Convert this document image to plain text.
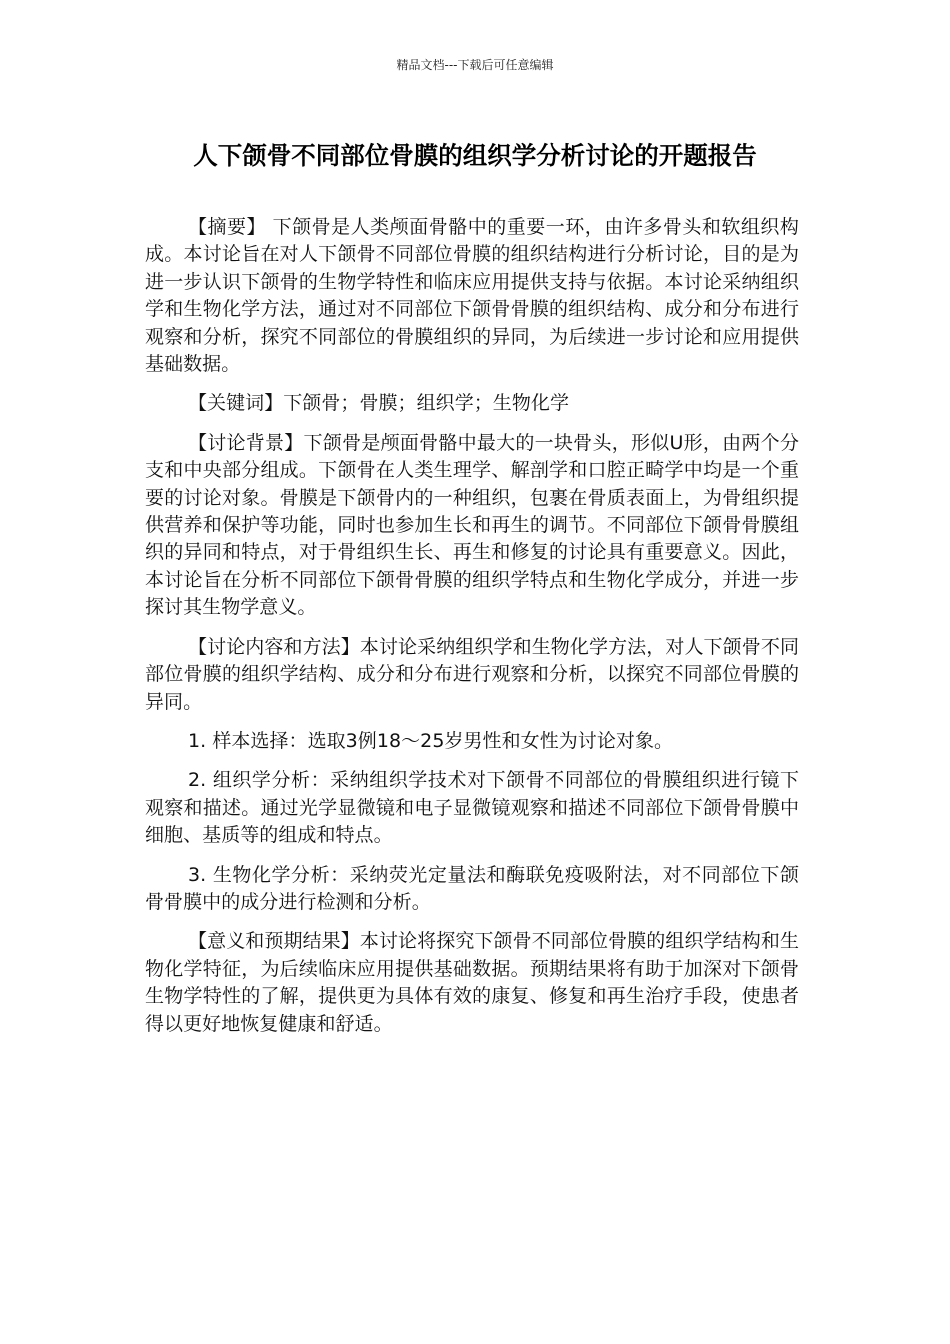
精品文档---下载后可任意编辑
人下颌骨不同部位骨膜的组织学分析讨论的开题报告

【摘要】 下颌骨是人类颅面骨骼中的重要一环，由许多骨头和软组织构成。本讨论旨在对人下颌骨不同部位骨膜的组织结构进行分析讨论，目的是为进一步认识下颌骨的生物学特性和临床应用提供支持与依据。本讨论采纳组织学和生物化学方法，通过对不同部位下颌骨骨膜的组织结构、成分和分布进行观察和分析，探究不同部位的骨膜组织的异同，为后续进一步讨论和应用提供基础数据。

【关键词】下颌骨；骨膜；组织学；生物化学

【讨论背景】下颌骨是颅面骨骼中最大的一块骨头，形似U形，由两个分支和中央部分组成。下颌骨在人类生理学、解剖学和口腔正畸学中均是一个重要的讨论对象。骨膜是下颌骨内的一种组织，包裹在骨质表面上，为骨组织提供营养和保护等功能，同时也参加生长和再生的调节。不同部位下颌骨骨膜组织的异同和特点，对于骨组织生长、再生和修复的讨论具有重要意义。因此，本讨论旨在分析不同部位下颌骨骨膜的组织学特点和生物化学成分，并进一步探讨其生物学意义。

【讨论内容和方法】本讨论采纳组织学和生物化学方法，对人下颌骨不同部位骨膜的组织学结构、成分和分布进行观察和分析，以探究不同部位骨膜的异同。

1. 样本选择：选取3例18～25岁男性和女性为讨论对象。

2. 组织学分析：采纳组织学技术对下颌骨不同部位的骨膜组织进行镜下观察和描述。通过光学显微镜和电子显微镜观察和描述不同部位下颌骨骨膜中细胞、基质等的组成和特点。

3. 生物化学分析：采纳荧光定量法和酶联免疫吸附法，对不同部位下颌骨骨膜中的成分进行检测和分析。

【意义和预期结果】本讨论将探究下颌骨不同部位骨膜的组织学结构和生物化学特征，为后续临床应用提供基础数据。预期结果将有助于加深对下颌骨生物学特性的了解，提供更为具体有效的康复、修复和再生治疗手段，使患者得以更好地恢复健康和舒适。
